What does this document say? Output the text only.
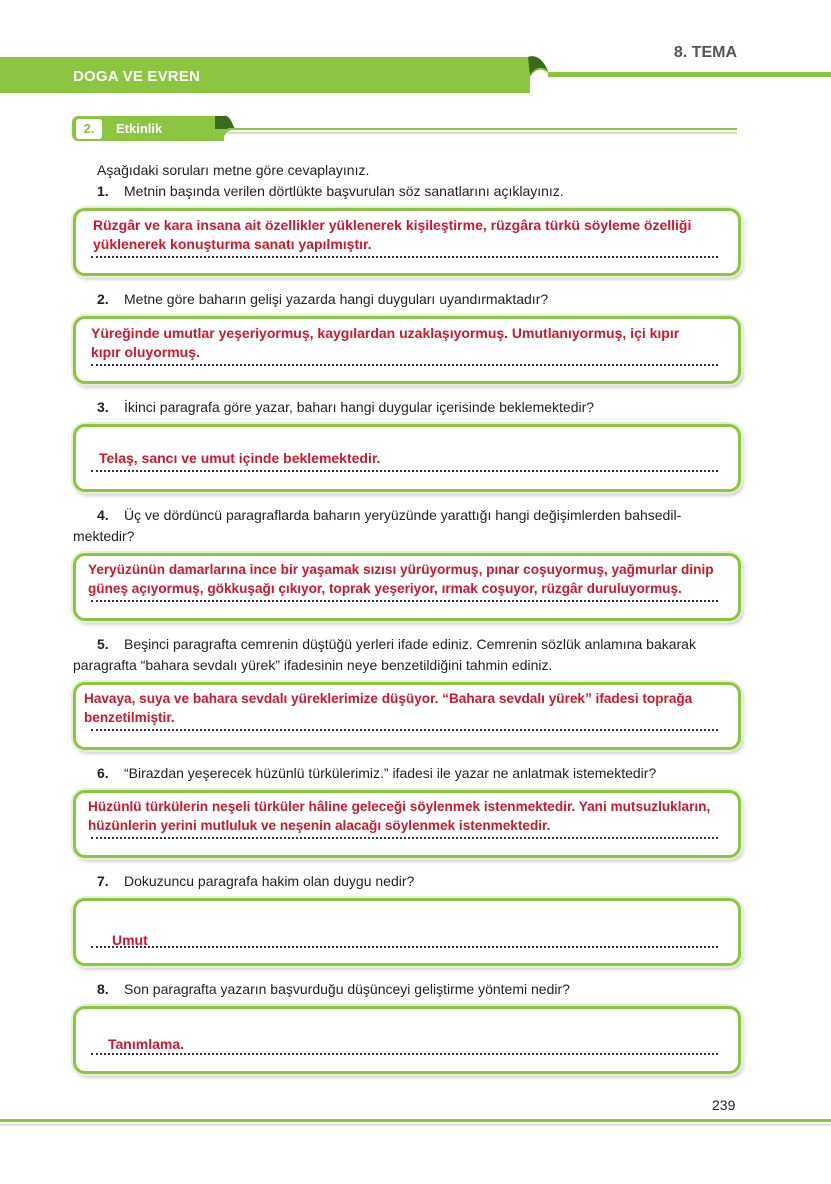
DOGA VE EVREN
8. TEMA
2.	Etkinlik
Aşağıdaki soruları metne göre cevaplayınız.
1. Metnin başında verilen dörtlükte başvurulan söz sanatlarını açıklayınız.
Rüzgâr ve kara insana ait özellikler yüklenerek kişileştirme, rüzgâra türkü söyleme özelliği
yüklenerek konuşturma sanatı yapılmıştır.
2. Metne göre baharın gelişi yazarda hangi duyguları uyandırmaktadır?
Yüreğinde umutlar yeşeriyormuş, kaygılardan uzaklaşıyormuş. Umutlanıyormuş, içi kıpır
kıpır oluyormuş.
3. İkinci paragrafa göre yazar, baharı hangi duygular içerisinde beklemektedir?
Telaş, sancı ve umut içinde beklemektedir.
4. Üç ve dördüncü paragraflarda baharın yeryüzünde yarattığı hangi değişimlerden bahsedil-
mektedir?
Yeryüzünün damarlarına ince bir yaşamak sızısı yürüyormuş, pınar coşuyormuş, yağmurlar dinip
güneş açıyormuş, gökkuşağı çıkıyor, toprak yeşeriyor, ırmak coşuyor, rüzgâr duruluyormuş.
5. Beşinci paragrafta cemrenin düştüğü yerleri ifade ediniz. Cemrenin sözlük anlamına bakarak
paragrafta “bahara sevdalı yürek” ifadesinin neye benzetildiğini tahmin ediniz.
Havaya, suya ve bahara sevdalı yüreklerimize düşüyor. “Bahara sevdalı yürek” ifadesi toprağa
benzetilmiştir.
6. “Birazdan yeşerecek hüzünlü türkülerimiz.” ifadesi ile yazar ne anlatmak istemektedir?
Hüzünlü türkülerin neşeli türküler hâline geleceği söylenmek istenmektedir. Yani mutsuzlukların,
hüzünlerin yerini mutluluk ve neşenin alacağı söylenmek istenmektedir.
7. Dokuzuncu paragrafa hakim olan duygu nedir?
Umut
8. Son paragrafta yazarın başvurduğu düşünceyi geliştirme yöntemi nedir?
Tanımlama.
239
